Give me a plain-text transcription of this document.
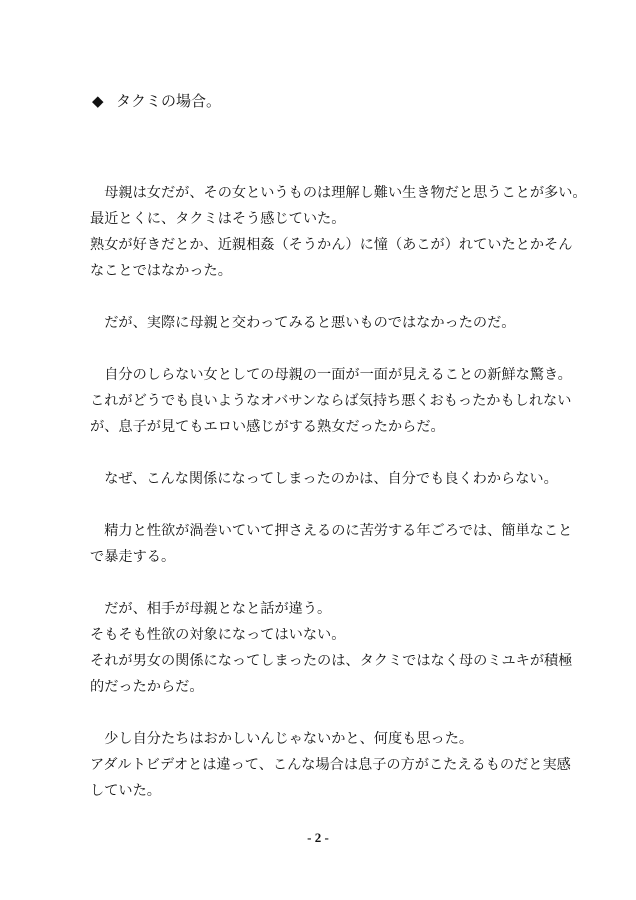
◆ タクミの場合。

　母親は女だが、その女というものは理解し難い生き物だと思うことが多い。
最近とくに、タクミはそう感じていた。
熟女が好きだとか、近親相姦（そうかん）に憧（あこが）れていたとかそん
なことではなかった。

　だが、実際に母親と交わってみると悪いものではなかったのだ。

　自分のしらない女としての母親の一面が一面が見えることの新鮮な驚き。
これがどうでも良いようなオバサンならば気持ち悪くおもったかもしれない
が、息子が見てもエロい感じがする熟女だったからだ。

　なぜ、こんな関係になってしまったのかは、自分でも良くわからない。

　精力と性欲が渦巻いていて押さえるのに苦労する年ごろでは、簡単なこと
で暴走する。

　だが、相手が母親となと話が違う。
そもそも性欲の対象になってはいない。
それが男女の関係になってしまったのは、タクミではなく母のミユキが積極
的だったからだ。

　少し自分たちはおかしいんじゃないかと、何度も思った。
アダルトビデオとは違って、こんな場合は息子の方がこたえるものだと実感
していた。

- 2 -
